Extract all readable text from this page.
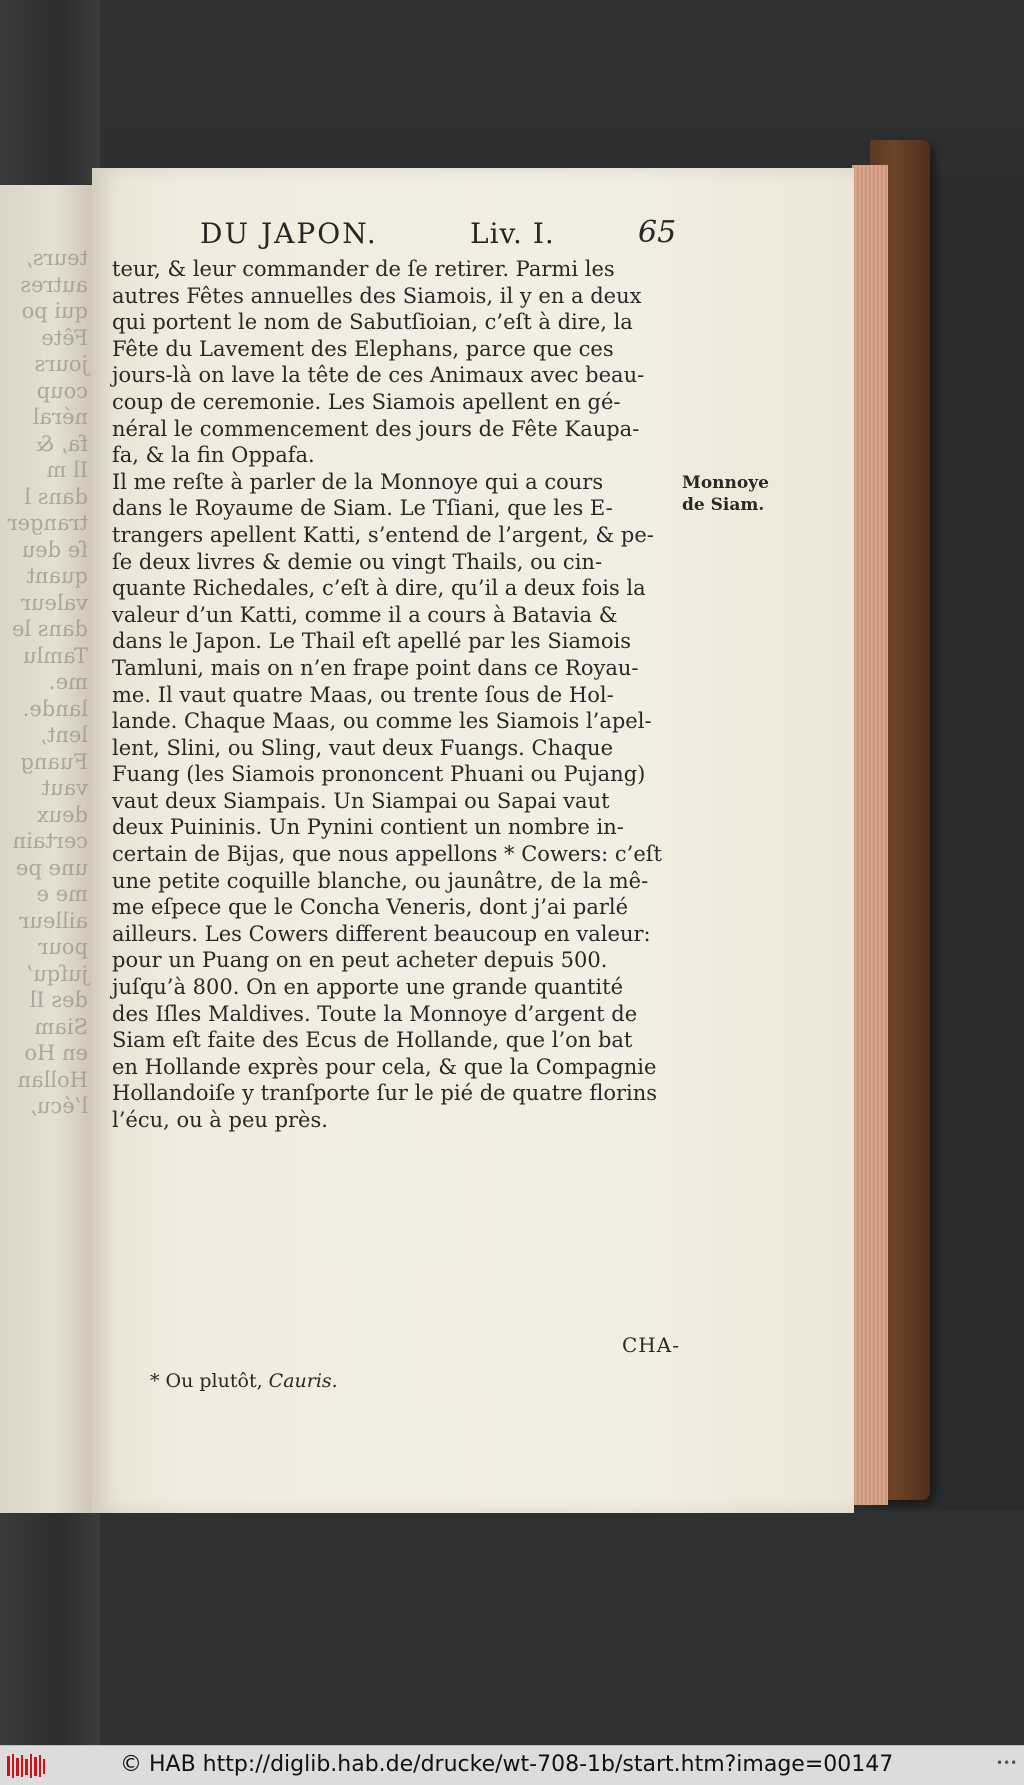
teurs,
autres
qui po
Fête
jours
coup
néral
fa, &
Il m
dans l
tranger
ſe deu
quant
valeur
dans le
Tamlu
me.
lande.
lent,
Fuang
vaut
deux
certain
une pe
me e
ailleur
pour
juſqu’
des Il
Siam
en Ho
Hollan
l’écu,
DU JAPON.	Liv. I.	65
teur, & leur commander de ſe retirer. Parmi les
autres Fêtes annuelles des Siamois, il y en a deux
qui portent le nom de Sabutſioian, c’eſt à dire, la
Fête du Lavement des Elephans, parce que ces
jours-là on lave la tête de ces Animaux avec beau-
coup de ceremonie. Les Siamois apellent en gé-
néral le commencement des jours de Fête Kaupa-
fa, & la fin Oppafa.
Il me reſte à parler de la Monnoye qui a cours
dans le Royaume de Siam. Le Tſiani, que les E-
trangers apellent Katti, s’entend de l’argent, & pe-
ſe deux livres & demie ou vingt Thails, ou cin-
quante Richedales, c’eſt à dire, qu’il a deux fois la
valeur d’un Katti, comme il a cours à Batavia &
dans le Japon. Le Thail eſt apellé par les Siamois
Tamluni, mais on n’en frape point dans ce Royau-
me. Il vaut quatre Maas, ou trente ſous de Hol-
lande. Chaque Maas, ou comme les Siamois l’apel-
lent, Slini, ou Sling, vaut deux Fuangs. Chaque
Fuang (les Siamois prononcent Phuani ou Pujang)
vaut deux Siampais. Un Siampai ou Sapai vaut
deux Puininis. Un Pynini contient un nombre in-
certain de Bijas, que nous appellons * Cowers: c’eſt
une petite coquille blanche, ou jaunâtre, de la mê-
me eſpece que le Concha Veneris, dont j’ai parlé
ailleurs. Les Cowers different beaucoup en valeur:
pour un Puang on en peut acheter depuis 500.
juſqu’à 800. On en apporte une grande quantité
des Iſles Maldives. Toute la Monnoye d’argent de
Siam eſt faite des Ecus de Hollande, que l’on bat
en Hollande exprès pour cela, & que la Compagnie
Hollandoiſe y tranſporte ſur le pié de quatre florins
l’écu, ou à peu près.
Monnoye
de Siam.
CHA-
* Ou plutôt, Cauris.
© HAB http://diglib.hab.de/drucke/wt-708-1b/start.htm?image=00147	•••
